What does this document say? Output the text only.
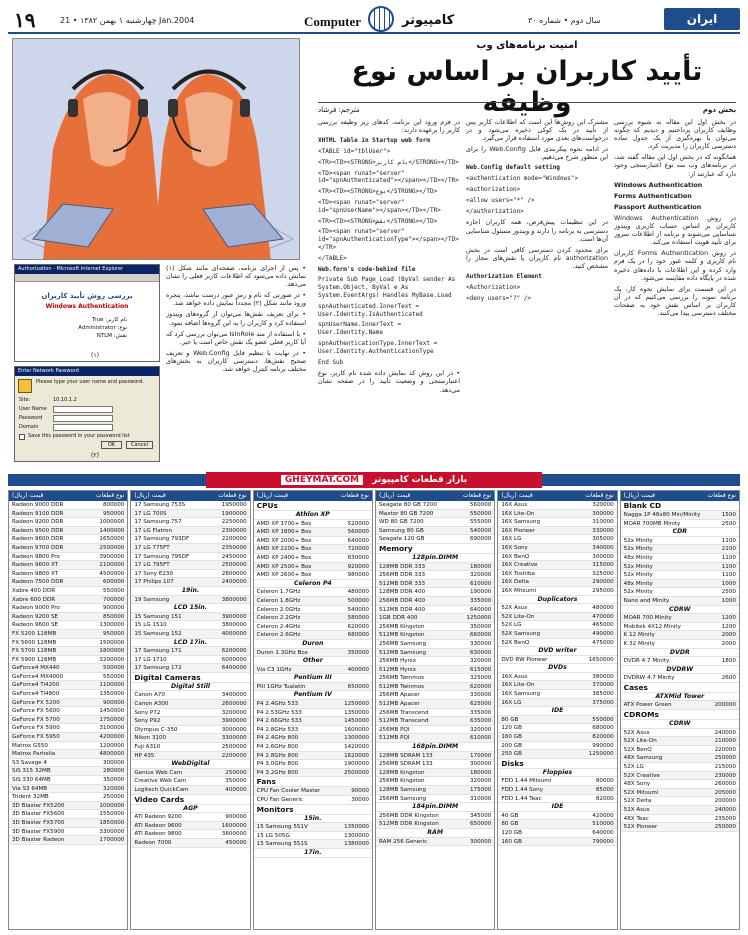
۱۹	چهارشنبه ۱ بهمن ۱۳۸۲ • 21 Jan.2004	Computer	کامپیوتر	سال دوم • شماره ۳۰	ایران
امنیت برنامه‌های وب
تأیید کاربران بر اساس نوع وظیفه
مترجم: فرشاد	بخش دوم

در بخش اول این مقاله به شیوه بررسی وظایف کاربران پرداختیم و دیدیم که چگونه می‌توان با بهره‌گیری از یک جدول ساده دسترسی کاربران را مدیریت کرد.

همانگونه که در بخش اول این مقاله گفته شد، در برنامه‌های وب سه نوع اعتبارسنجی وجود دارد که عبارتند از:

Windows Authentication

Forms Authentication

Passport Authentication

در روش Windows Authentication کاربران بر اساس حساب کاربری ویندوز شناسایی می‌شوند و برنامه از اطلاعات سرور برای تأیید هویت استفاده می‌کند.

در روش Forms Authentication کاربران نام کاربری و کلمه عبور خود را در یک فرم وارد کرده و این اطلاعات با داده‌های ذخیره شده در پایگاه داده مقایسه می‌شود.

در این قسمت برای نمایش نحوه کار، یک برنامه نمونه را بررسی می‌کنیم که در آن کاربران بر اساس نقش خود به صفحات مختلف دسترسی پیدا می‌کنند.

مشترک این روش‌ها این است که اطلاعات کاربر پس از تأیید در یک کوکی ذخیره می‌شود و در درخواست‌های بعدی مورد استفاده قرار می‌گیرد.

در ادامه نحوه پیکربندی فایل Web.Config را برای این منظور شرح می‌دهیم.

Web.Config default setting

<authentication mode="Windows">

<authorization>

<allow users="*" />

</authorization>

در این تنظیمات پیش‌فرض، همه کاربران اجازه دسترسی به برنامه را دارند و ویندوز مسئول شناسایی آن‌ها است.

برای محدود کردن دسترسی کافی است در بخش authorization نام کاربران یا نقش‌های مجاز را مشخص کنید.

Authorization Element

<Authorization>

<deny users="?" />

در فرم ورود این برنامه، کدهای زیر وظیفه بررسی کاربر را برعهده دارند:

XHTML Table in Startup web form

<TABLE id="tblUser">

<TR><TD><STRONG>نام کاربر</STRONG></TD>

<TD><span runat="server" id="spnAuthenticated"></span></TD></TR>

<TR><TD><STRONG>نوع</STRONG></TD>

<TD><span runat="server" id="spnUserName"></span></TD></TR>

<TR><TD><STRONG>نقش</STRONG></TD>

<TD><span runat="server" id="spnAuthenticationType"></span></TD></TR>

</TABLE>

Web.form's code-behind file

Private Sub Page_Load (ByVal sender As System.Object, ByVal e As System.EventArgs) Handles MyBase.Load

spnAuthenticated.InnerText = User.Identity.IsAuthenticated

spnUserName.InnerText = User.Identity.Name

spnAuthenticationType.InnerText = User.Identity.AuthenticationType

End Sub

• در این روش کد نمایش داده شده نام کاربر، نوع اعتبارسنجی و وضعیت تأیید را در صفحه نشان می‌دهد.

• پس از اجرای برنامه، صفحه‌ای مانند شکل (۱) نمایش داده می‌شود که اطلاعات کاربر فعلی را نشان می‌دهد.

• در صورتی که نام و رمز عبور درست نباشد، پنجره ورود مانند شکل (۲) مجدداً نمایش داده خواهد شد.

• برای تعریف نقش‌ها می‌توان از گروه‌های ویندوز استفاده کرد و کاربران را به این گروه‌ها اضافه نمود.

• با استفاده از متد IsInRole می‌توان بررسی کرد که آیا کاربر فعلی عضو یک نقش خاص است یا خیر.

• در نهایت با تنظیم فایل Web.Config و تعریف صحیح نقش‌ها، دسترسی کاربران به بخش‌های مختلف برنامه کنترل خواهد شد.

Authorization - Microsoft Internet Explorer
بررسی روش تأیید کاربران
Windows Authentication
نام کاربر: True
نوع: Administrator
نقش: NTLM
(۱)
Enter Network Password
Please type your user name and password.
Site:	10.10.1.2
User Name
Password
Domain
Save this password in your password list
OK	Cancel
(۲)
GHEYMAT.COM بازار قطعات کامپیوتر
قیمت (ریال)	نوع قطعات
Radeon 9000 DDR	800000
Radeon 9100 DDR	950000
Radeon 9200 DDR	1000000
Radeon 9500 DDR	1400000
Radeon 9600 DDR	1650000
Radeon 9700 DDR	2500000
Radeon 9800 Pro	3900000
Radeon 9600 XT	2100000
Radeon 9800 XT	4500000
Radeon 7500 DDR	600000
Xabre 400 DDR	550000
Xabre 600 DDR	700000
Radeon 9000 Pro	900000
Radeon 9200 SE	850000
Radeon 9600 SE	1300000
FX 5200 128MB	950000
FX 5600 128MB	1500000
FX 5700 128MB	1800000
FX 5900 128MB	3200000
GeForce4 MX440	500000
GeForce4 MX4000	550000
GeForce4 Ti4200	1100000
GeForce4 Ti4800	1350000
GeForce FX 5200	900000
GeForce FX 5600	1450000
GeForce FX 5700	1750000
GeForce FX 5900	3100000
GeForce FX 5950	4200000
Matrox G550	1200000
Matrox Parhelia	4800000
S3 Savage 4	300000
SiS 315 32MB	280000
SiS 330 64MB	350000
Via S3 64MB	320000
Trident 32MB	250000
3D Blaster FX5200	1000000
3D Blaster FX5600	1550000
3D Blaster FX5700	1850000
3D Blaster FX5900	3300000
3D Blaster Radeon	1700000
قیمت (ریال)	نوع قطعات
17 Samsung 753S	1950000
17 LG 700S	1900000
17 Samsung 757	2250000
17 LG Flatron	2300000
17 Samsung 793DF	2200000
17 LG 775FT	2350000
17 Samsung 795DF	2450000
17 LG 795FT	2500000
17 Sony E230	2800000
17 Philips 107	2400000
19in.
19 Samsung	3800000
LCD 15in.
15 Samsung 151	3900000
15 LG 1510	3800000
15 Samsung 152	4000000
LCD 17in.
17 Samsung 171	6200000
17 LG 1710	6000000
17 Samsung 172	6400000
Digital Cameras
Digital Still
Canon A70	3400000
Canon A300	2600000
Sony P72	3200000
Sony P92	3900000
Olympus C-350	3000000
Nikon 3100	3300000
Fuji A310	2500000
HP 435	2200000
WebDigital
Genius Web Cam	250000
Creative Web Cam	350000
Logitech QuickCam	400000
Video Cards
AGP
ATI Radeon 9200	900000
ATI Radeon 9600	1600000
ATI Radeon 9800	3800000
Radeon 7000	450000
قیمت (ریال)	نوع قطعات
CPUs
Athlon XP
AMD XP 1700+ Box	520000
AMD XP 1800+ Box	560000
AMD XP 2000+ Box	640000
AMD XP 2200+ Box	720000
AMD XP 2400+ Box	830000
AMD XP 2500+ Box	920000
AMD XP 2600+ Box	980000
Celeron P4
Celeron 1.7GHz	480000
Celeron 1.8GHz	500000
Celeron 2.0GHz	540000
Celeron 2.2GHz	580000
Celeron 2.4GHz	620000
Celeron 2.6GHz	680000
Duron
Duron 1.3GHz Box	350000
Other
Via C3 1GHz	400000
Pentium III
PIII 1GHz Tualatin	650000
Pentium IV
P4 2.4GHz 533	1250000
P4 2.53GHz 533	1350000
P4 2.66GHz 533	1450000
P4 2.8GHz 533	1600000
P4 2.4GHz 800	1300000
P4 2.6GHz 800	1420000
P4 2.8GHz 800	1620000
P4 3.0GHz 800	1900000
P4 3.2GHz 800	2500000
Fans
CPU Fan Cooler Master	90000
CPU Fan Generic	30000
Monitors
15in.
15 Samsung 551V	1350000
15 LG 505G	1300000
15 Samsung 551S	1380000
17in.
قیمت (ریال)	نوع قطعات
Seagate 80 GB 7200	560000
Maxtor 80 GB 7200	550000
WD 80 GB 7200	555000
Samsung 80 GB	540000
Seagate 120 GB	690000
Memory
128pin.DIMM
128MB DDR 333	180000
256MB DDR 333	320000
512MB DDR 333	610000
128MB DDR 400	190000
256MB DDR 400	335000
512MB DDR 400	640000
1GB DDR 400	1250000
256MB Kingston	350000
512MB Kingston	660000
256MB Samsung	330000
512MB Samsung	630000
256MB Hynix	320000
512MB Hynix	615000
256MB Twinmos	325000
512MB Twinmos	620000
256MB Apacer	330000
512MB Apacer	625000
256MB Transcend	335000
512MB Transcend	635000
256MB PQI	320000
512MB PQI	610000
168pin.DIMM
128MB SDRAM 133	170000
256MB SDRAM 133	300000
128MB Kingston	180000
256MB Kingston	320000
128MB Samsung	175000
256MB Samsung	310000
184pin.DIMM
256MB DDR Kingston	345000
512MB DDR Kingston	650000
RAM
RAM 256 Generic	300000
قیمت (ریال)	نوع قطعات
16X Asus	320000
16X Lite-On	300000
16X Samsung	310000
16X Pioneer	330000
16X LG	305000
16X Sony	340000
16X BenQ	300000
16X Creative	315000
16X Toshiba	325000
16X Delta	290000
16X Mitsumi	295000
Duplicators
52X Asus	480000
52X Lite-On	470000
52X LG	465000
52X Samsung	490000
52X BenQ	475000
DVD writer
DVD RW Pioneer	1650000
DVDs
16X Asus	380000
16X Lite-On	370000
16X Samsung	385000
16X LG	375000
IDE
80 GB	550000
120 GB	680000
160 GB	820000
200 GB	990000
250 GB	1250000
Disks
Floppies
FDD 1.44 Mitsumi	80000
FDD 1.44 Sony	85000
FDD 1.44 Teac	82000
IDE
40 GB	420000
80 GB	510000
120 GB	640000
160 GB	790000
قیمت (ریال)	نوع قطعات
Blank CD
Nagga 1P 48x80 Min/Minity	1500
MOAR 700MB Minity	2500
CDR
52x Minity	1100
52x Minity	2100
48x Minity	1100
52x Minity	1100
52x Minity	1100
48x Minity	1000
52x Minity	2500
Nano and Minity	1000
CDRW
MOAR 700 Minity	1200
Mobitek 4X12 Minity	1200
K 12 Minity	2000
K 32 Minity	2000
DVDR
DVDR 4.7 Minity	1800
DVDRW
DVDRW 4.7 Minity	2600
Cases
ATXMid Tower
ATX Power Green	200000
CDROMs
CDRW
52X Asus	240000
52X Lite-On	210000
52X BenQ	220000
48X Samsung	250000
52X LG	215000
52X Creative	230000
48X Sony	260000
52X Mitsumi	205000
52X Delta	200000
52X Asus	240000
48X Teac	235000
52X Pioneer	250000
